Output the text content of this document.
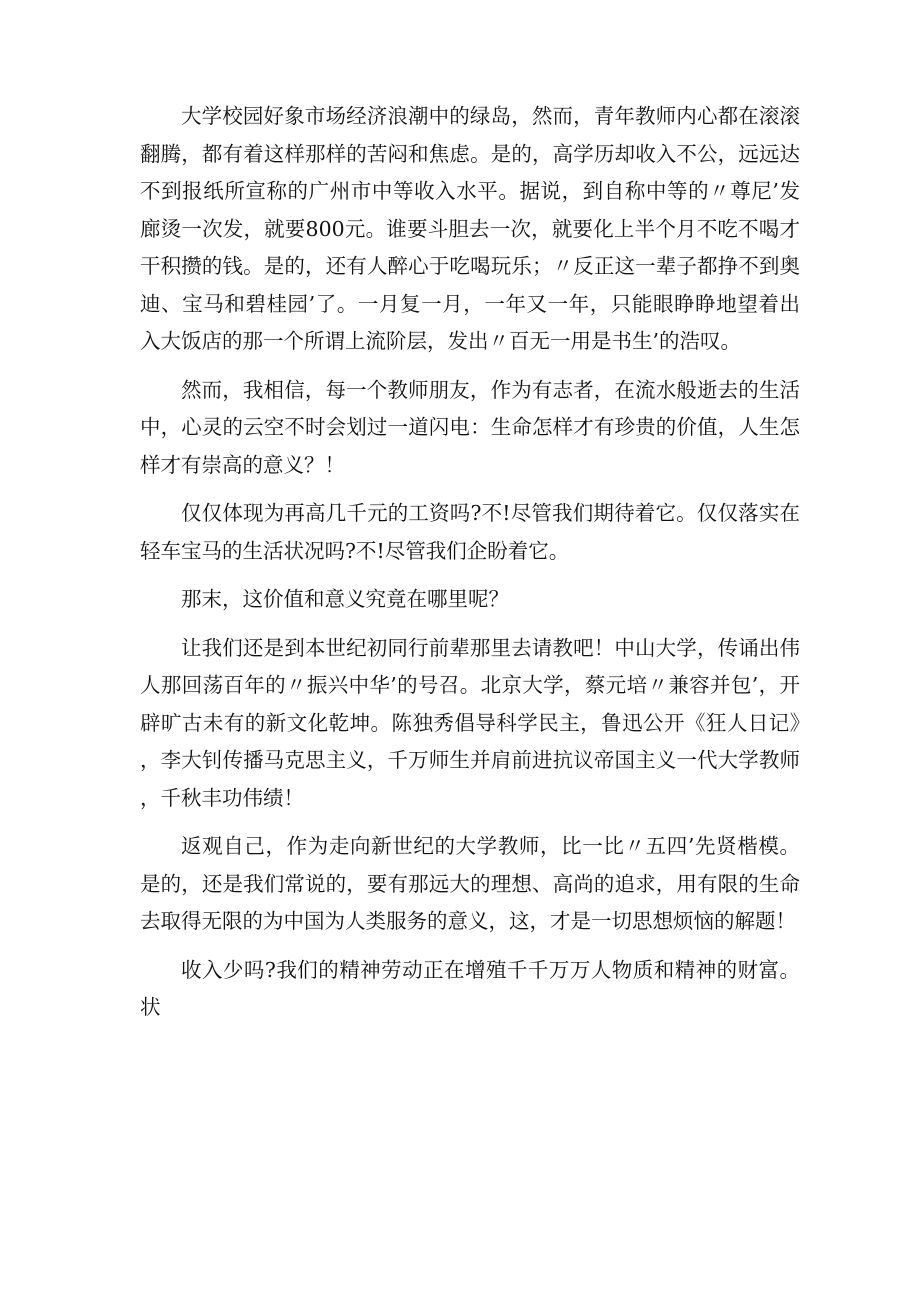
大学校园好象市场经济浪潮中的绿岛，然而，青年教师内心都在滚滚翻腾，都有着这样那样的苦闷和焦虑。是的，高学历却收入不公，远远达不到报纸所宣称的广州市中等收入水平。据说，到自称中等的〃尊尼’发廊烫一次发，就要800元。谁要斗胆去一次，就要化上半个月不吃不喝才干积攒的钱。是的，还有人醉心于吃喝玩乐；〃反正这一辈子都挣不到奥迪、宝马和碧桂园’了。一月复一月，一年又一年，只能眼睁睁地望着出入大饭店的那一个所谓上流阶层，发出〃百无一用是书生’的浩叹。

然而，我相信，每一个教师朋友，作为有志者，在流水般逝去的生活中，心灵的云空不时会划过一道闪电：生命怎样才有珍贵的价值，人生怎样才有崇高的意义？！

仅仅体现为再高几千元的工资吗?不!尽管我们期待着它。仅仅落实在轻车宝马的生活状况吗?不!尽管我们企盼着它。

那末，这价值和意义究竟在哪里呢？

让我们还是到本世纪初同行前辈那里去请教吧！中山大学，传诵出伟人那回荡百年的〃振兴中华’的号召。北京大学，蔡元培〃兼容并包’，开辟旷古未有的新文化乾坤。陈独秀倡导科学民主，鲁迅公开《狂人日记》，李大钊传播马克思主义，千万师生并肩前进抗议帝国主义一代大学教师，千秋丰功伟绩！

返观自己，作为走向新世纪的大学教师，比一比〃五四’先贤楷模。是的，还是我们常说的，要有那远大的理想、高尚的追求，用有限的生命去取得无限的为中国为人类服务的意义，这，才是一切思想烦恼的解题！

收入少吗?我们的精神劳动正在增殖千千万万人物质和精神的财富。状
